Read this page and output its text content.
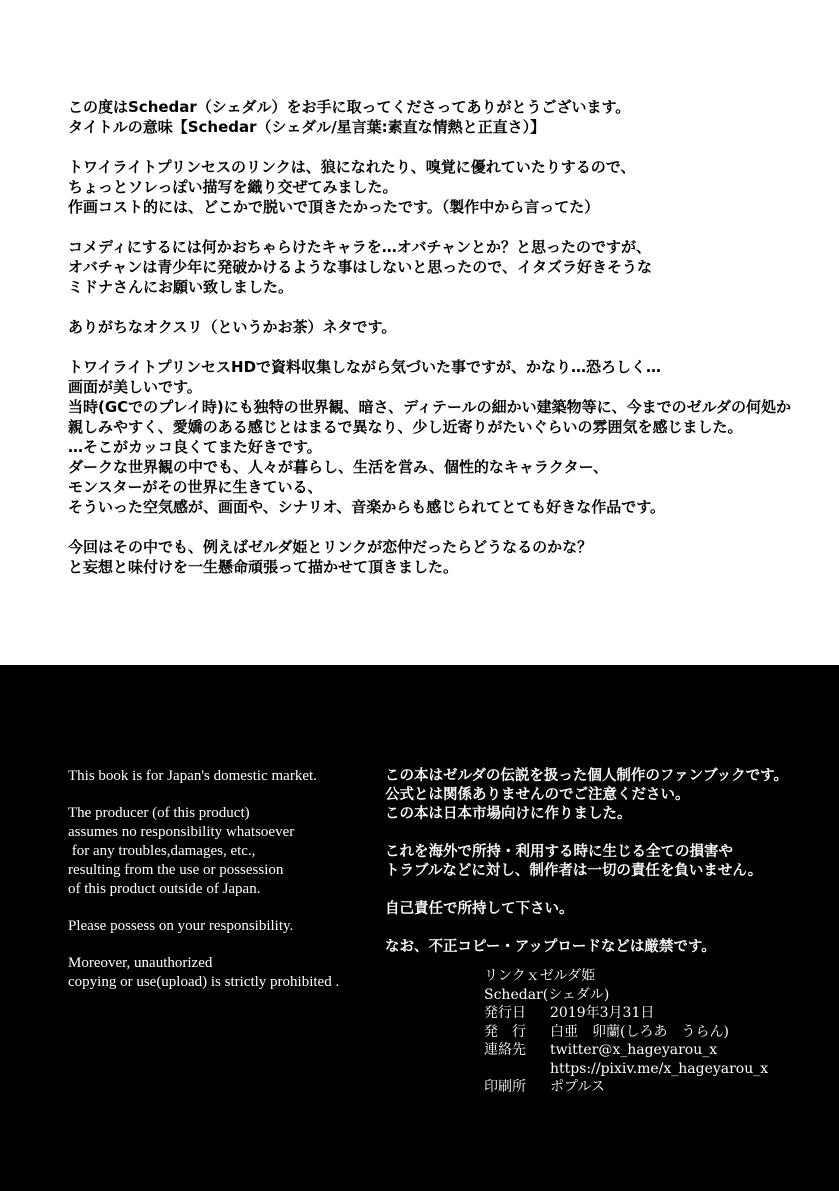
この度はSchedar（シェダル）をお手に取ってくださってありがとうございます。
タイトルの意味【Schedar（シェダル/星言葉:素直な情熱と正直さ）】
トワイライトプリンセスのリンクは、狼になれたり、嗅覚に優れていたりするので、
ちょっとソレっぽい描写を織り交ぜてみました。
作画コスト的には、どこかで脱いで頂きたかったです。（製作中から言ってた）
コメディにするには何かおちゃらけたキャラを…オバチャンとか？と思ったのですが、
オバチャンは青少年に発破かけるような事はしないと思ったので、イタズラ好きそうな
ミドナさんにお願い致しました。
ありがちなオクスリ（というかお茶）ネタです。
トワイライトプリンセスHDで資料収集しながら気づいた事ですが、かなり…恐ろしく…
画面が美しいです。
当時(GCでのプレイ時)にも独特の世界観、暗さ、ディテールの細かい建築物等に、今までのゼルダの何処か
親しみやすく、愛嬌のある感じとはまるで異なり、少し近寄りがたいぐらいの雰囲気を感じました。
…そこがカッコ良くてまた好きです。
ダークな世界観の中でも、人々が暮らし、生活を営み、個性的なキャラクター、
モンスターがその世界に生きている、
そういった空気感が、画面や、シナリオ、音楽からも感じられてとても好きな作品です。
今回はその中でも、例えばゼルダ姫とリンクが恋仲だったらどうなるのかな？
と妄想と味付けを一生懸命頑張って描かせて頂きました。
This book is for Japan's domestic market.
The producer (of this product)
assumes no responsibility whatsoever
for any troubles,damages, etc.,
resulting from the use or possession
of this product outside of Japan.
Please possess on your responsibility.
Moreover, unauthorized
copying or use(upload) is strictly prohibited .
この本はゼルダの伝説を扱った個人制作のファンブックです。
公式とは関係ありませんのでご注意ください。
この本は日本市場向けに作りました。
これを海外で所持・利用する時に生じる全ての損害や
トラブルなどに対し、制作者は一切の責任を負いません。
自己責任で所持して下さい。
なお、不正コピー・アップロードなどは厳禁です。
リンクｘゼルダ姫
Schedar(シェダル)
発行日	2019年3月31日
発　行	白亜　卯蘭(しろあ　うらん)
連絡先	twitter@x_hageyarou_x
https://pixiv.me/x_hageyarou_x
印刷所	ポプルス
